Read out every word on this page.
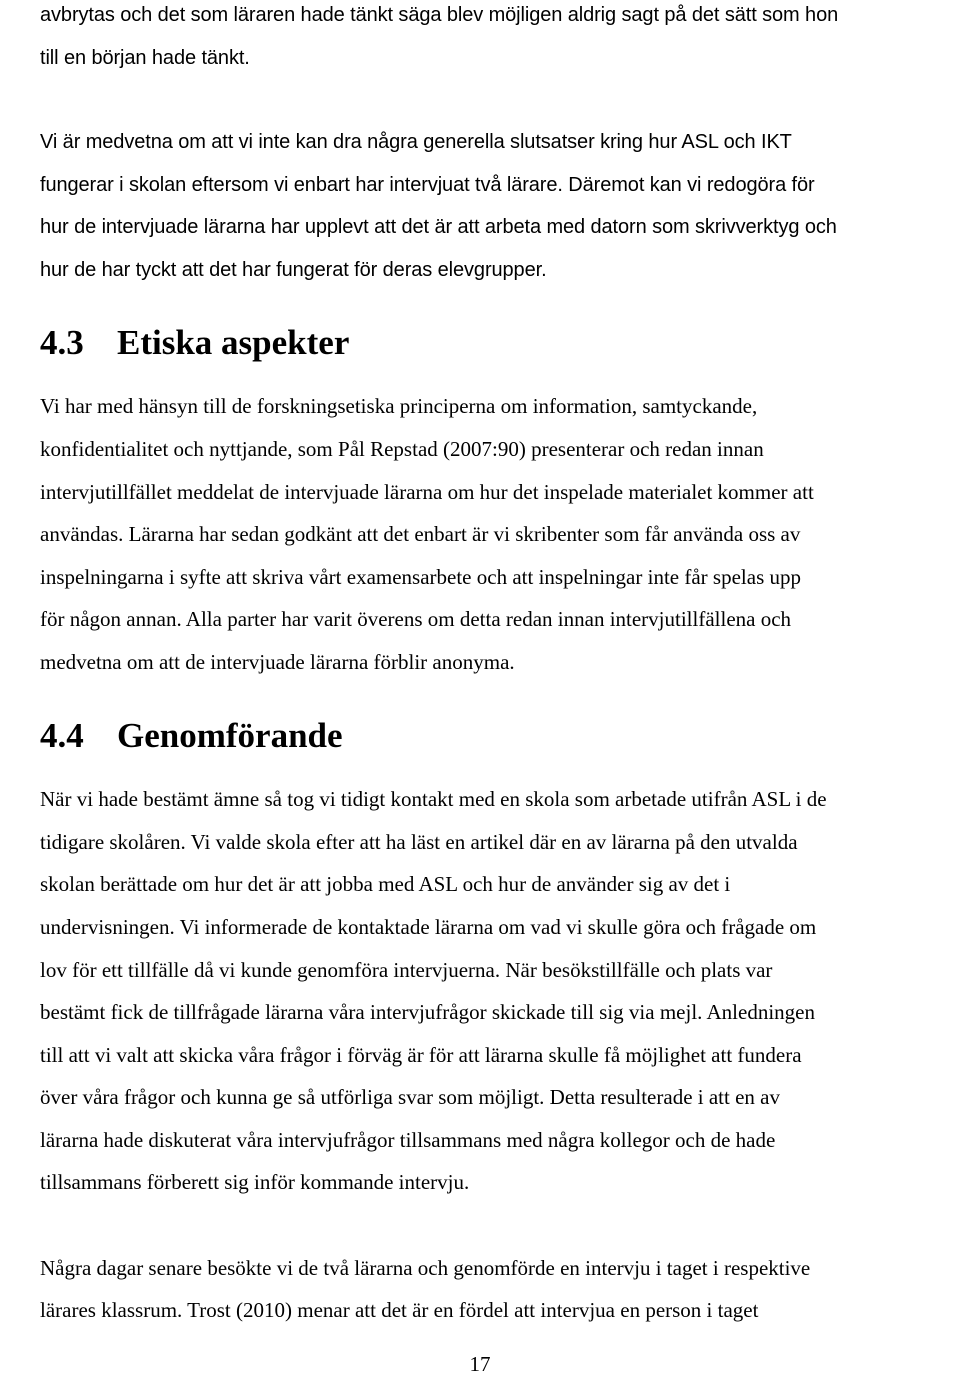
avbrytas och det som läraren hade tänkt säga blev möjligen aldrig sagt på det sätt som hon
till en början hade tänkt.
Vi är medvetna om att vi inte kan dra några generella slutsatser kring hur ASL och IKT
fungerar i skolan eftersom vi enbart har intervjuat två lärare. Däremot kan vi redogöra för
hur de intervjuade lärarna har upplevt att det är att arbeta med datorn som skrivverktyg och
hur de har tyckt att det har fungerat för deras elevgrupper.
4.3 Etiska aspekter
Vi har med hänsyn till de forskningsetiska principerna om information, samtyckande,
konfidentialitet och nyttjande, som Pål Repstad (2007:90) presenterar och redan innan
intervjutillfället meddelat de intervjuade lärarna om hur det inspelade materialet kommer att
användas. Lärarna har sedan godkänt att det enbart är vi skribenter som får använda oss av
inspelningarna i syfte att skriva vårt examensarbete och att inspelningar inte får spelas upp
för någon annan. Alla parter har varit överens om detta redan innan intervjutillfällena och
medvetna om att de intervjuade lärarna förblir anonyma.
4.4 Genomförande
När vi hade bestämt ämne så tog vi tidigt kontakt med en skola som arbetade utifrån ASL i de
tidigare skolåren. Vi valde skola efter att ha läst en artikel där en av lärarna på den utvalda
skolan berättade om hur det är att jobba med ASL och hur de använder sig av det i
undervisningen. Vi informerade de kontaktade lärarna om vad vi skulle göra och frågade om
lov för ett tillfälle då vi kunde genomföra intervjuerna. När besökstillfälle och plats var
bestämt fick de tillfrågade lärarna våra intervjufrågor skickade till sig via mejl. Anledningen
till att vi valt att skicka våra frågor i förväg är för att lärarna skulle få möjlighet att fundera
över våra frågor och kunna ge så utförliga svar som möjligt. Detta resulterade i att en av
lärarna hade diskuterat våra intervjufrågor tillsammans med några kollegor och de hade
tillsammans förberett sig inför kommande intervju.
Några dagar senare besökte vi de två lärarna och genomförde en intervju i taget i respektive
lärares klassrum. Trost (2010) menar att det är en fördel att intervjua en person i taget
17
